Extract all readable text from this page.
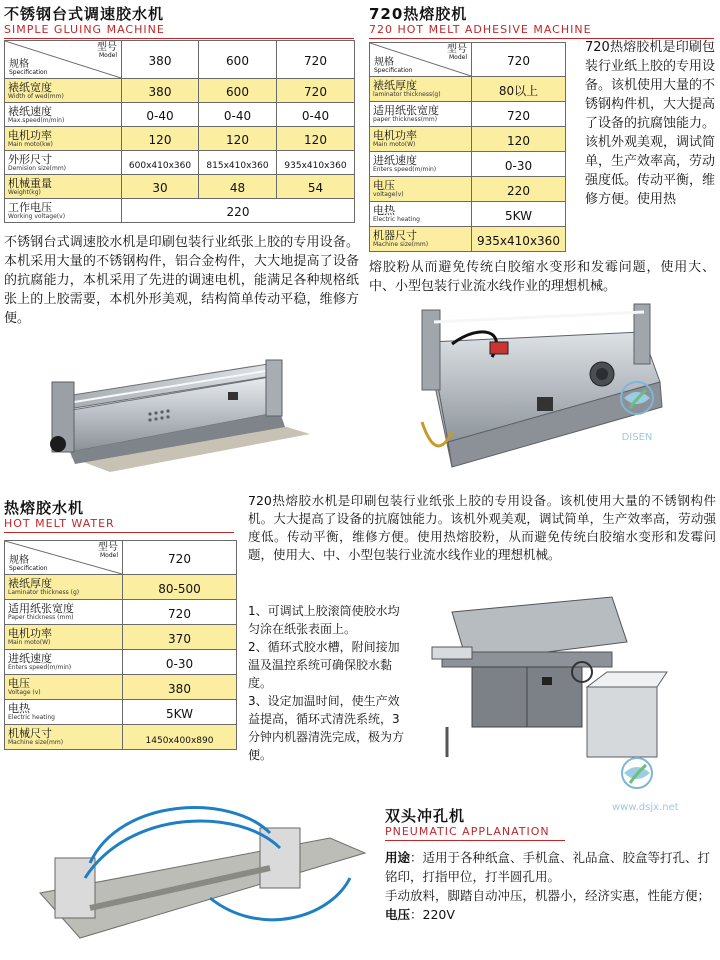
不锈钢台式调速胶水机
SIMPLE GLUING MACHINE
型号
Model
规格
Specification	380	600	720

裱纸宽度
Width of wed(mm)	380	600	720

裱纸速度
Max.speed(m/min)	0-40	0-40	0-40

电机功率
Main moto(kw)	120	120	120

外形尺寸
Demision size(mm)	600x410x360	815x410x360	935x410x360

机械重量
Weight(kg)	30	48	54

工作电压
Working voltage(v)	220		
不锈钢台式调速胶水机是印刷包装行业纸张上胶的专用设备。本机采用大量的不锈钢构件，铝合金构件，大大地提高了设备的抗腐能力，本机采用了先进的调速电机，能满足各种规格纸张上的上胶需要，本机外形美观，结构简单传动平稳，维修方便。
720热熔胶机
720 HOT MELT ADHESIVE MACHINE
型号
Model
规格
Specification	720

裱纸厚度
laminator thickness(g)	80以上

适用纸张宽度
paper thickness(mm)	720

电机功率
Main moto(W)	120

进纸速度
Enters speed(m/min)	0-30

电压
voltage(v)	220

电热
Electric heating	5KW

机器尺寸
Machine size(mm)	935x410x360
720热熔胶机是印刷包装行业纸上胶的专用设备。该机使用大量的不锈钢构件机，大大提高了设备的抗腐蚀能力。该机外观美观，调试简单，生产效率高，劳动强度低。传动平衡，维修方便。使用热
熔胶粉从而避免传统白胶缩水变形和发霉问题，使用大、中、小型包装行业流水线作业的理想机械。
DISEN
热熔胶水机
HOT MELT WATER
型号
Model
规格
Specification	720

裱纸厚度
Laminator thickness (g)	80-500

适用纸张宽度
Paper thickness (mm)	720

电机功率
Main moto(W)	370

进纸速度
Enters speed(m/min)	0-30

电压
Voltage (v)	380

电热
Electric heating	5KW

机械尺寸
Machine size(mm)	1450x400x890
720热熔胶水机是印刷包装行业纸张上胶的专用设备。该机使用大量的不锈钢构件机。大大提高了设备的抗腐蚀能力。该机外观美观，调试简单，生产效率高，劳动强度低。传动平衡，维修方便。使用热熔胶粉，从而避免传统白胶缩水变形和发霉问题，使用大、中、小型包装行业流水线作业的理想机械。
1、可调试上胶滚筒使胶水均匀涂在纸张表面上。
2、循环式胶水槽，附间接加温及温控系统可确保胶水黏度。
3、设定加温时间，使生产效益提高，循环式清洗系统，3分钟内机器清洗完成，极为方便。
www.dsjx.net
双头冲孔机
PNEUMATIC APPLANATION
用途：适用于各种纸盒、手机盒、礼品盒、胶盒等打孔、打铭印，打指甲位，打半圆孔用。
手动放料，脚踏自动冲压，机器小，经济实惠，性能方便；
电压：220V
